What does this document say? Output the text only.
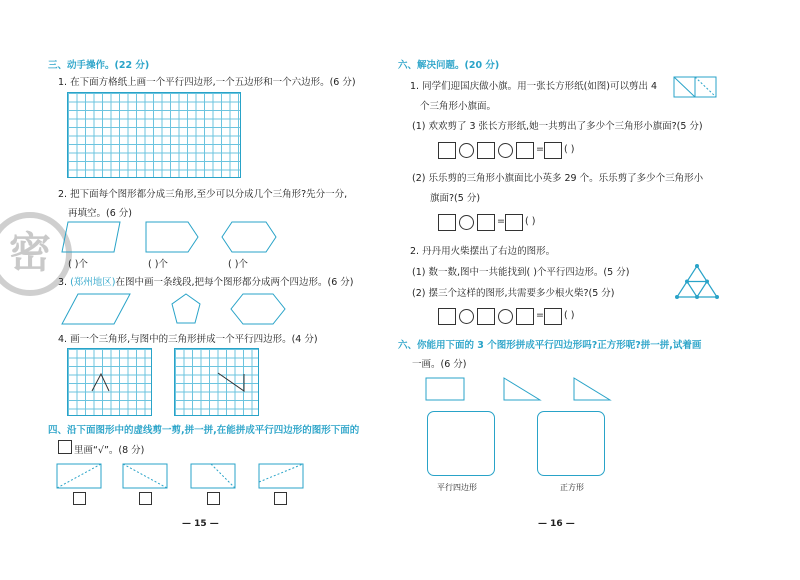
密
三、动手操作。(22 分)
1. 在下面方格纸上画一个平行四边形,一个五边形和一个六边形。(6 分)
2. 把下面每个图形都分成三角形,至少可以分成几个三角形?先分一分,
再填空。(6 分)
( )个	( )个	( )个
3. (郑州地区)在图中画一条线段,把每个图形都分成两个四边形。(6 分)
4. 画一个三角形,与图中的三角形拼成一个平行四边形。(4 分)
四、沿下面图形中的虚线剪一剪,拼一拼,在能拼成平行四边形的图形下面的
里画“√”。(8 分)
— 15 —
六、解决问题。(20 分)
1. 同学们迎国庆做小旗。用一张长方形纸(如图)可以剪出 4
个三角形小旗面。
(1) 欢欢剪了 3 张长方形纸,她一共剪出了多少个三角形小旗面?(5 分)
= ( )
(2) 乐乐剪的三角形小旗面比小英多 29 个。乐乐剪了多少个三角形小
旗面?(5 分)
= ( )
2. 丹丹用火柴摆出了右边的图形。
(1) 数一数,图中一共能找到( )个平行四边形。(5 分)
(2) 摆三个这样的图形,共需要多少根火柴?(5 分)
= ( )
六、你能用下面的 3 个图形拼成平行四边形吗?正方形呢?拼一拼,试着画
一画。(6 分)
平行四边形	正方形
— 16 —
